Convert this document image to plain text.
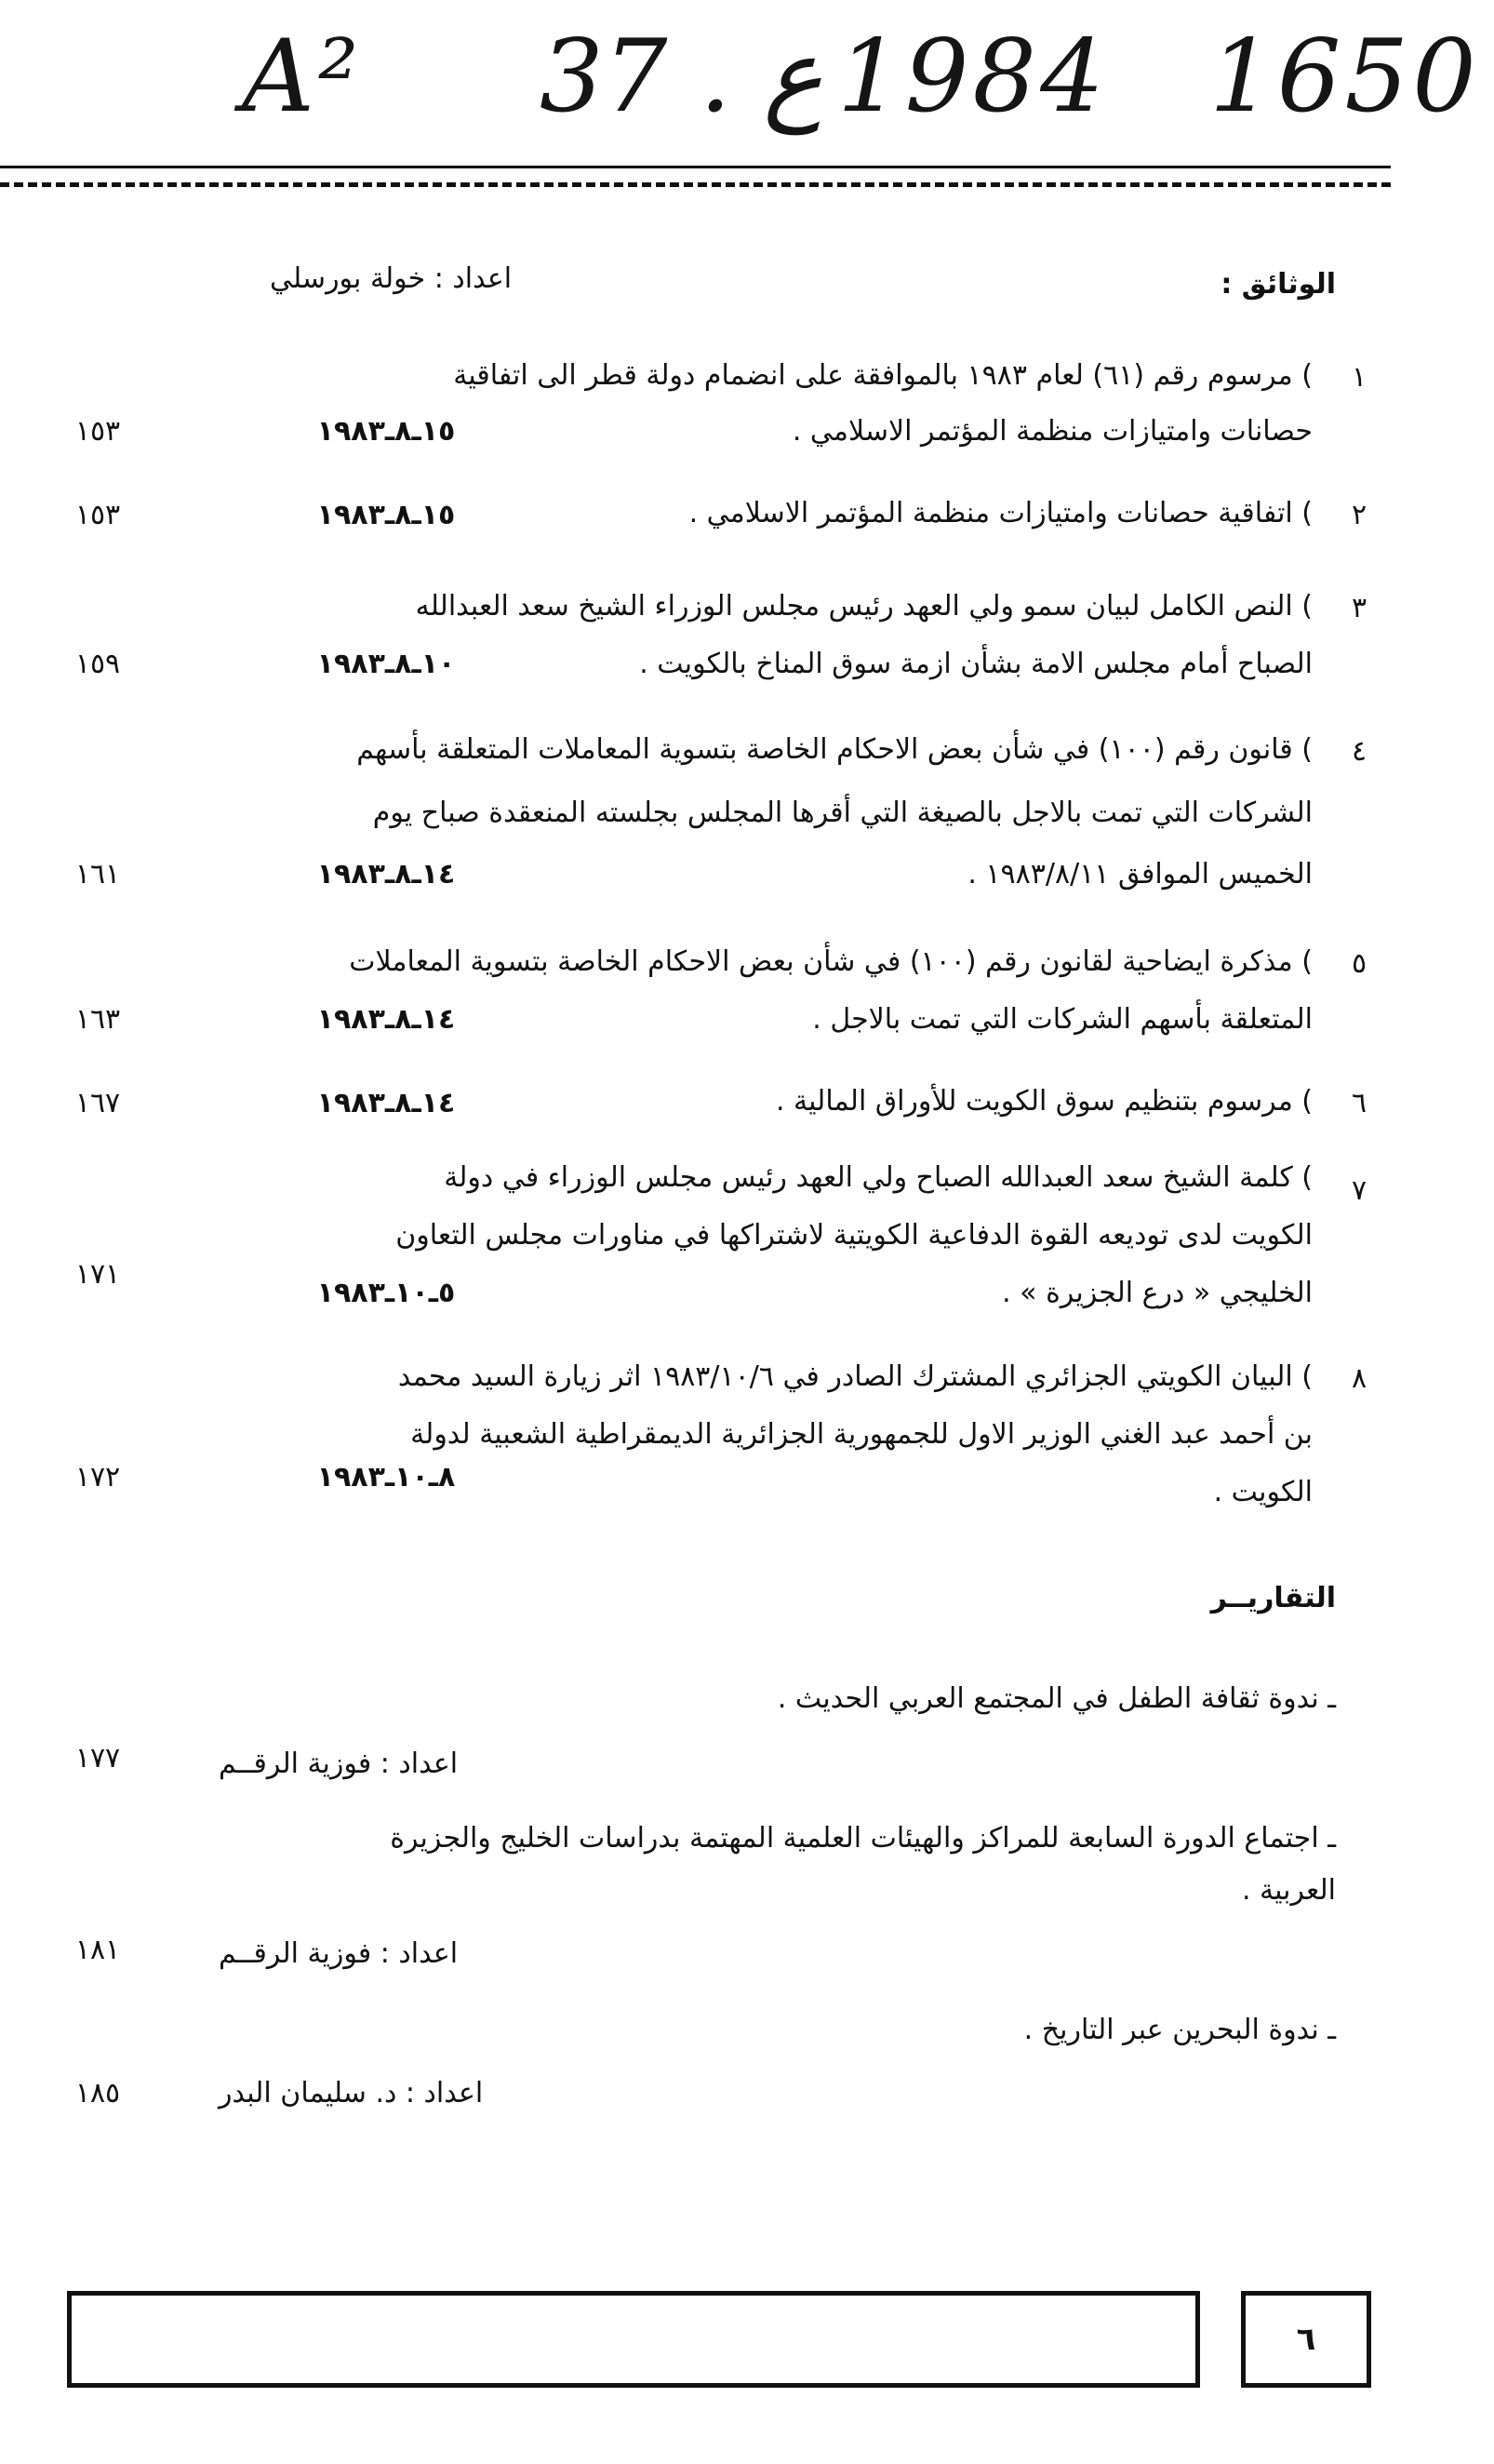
A² 37 . ع 1984 1650
الوثائق :
اعداد : خولة بورسلي
١
) مرسوم رقم (٦١) لعام ١٩٨٣ بالموافقة على انضمام دولة قطر الى اتفاقية
حصانات وامتيازات منظمة المؤتمر الاسلامي .
١٥ـ٨ـ١٩٨٣
١٥٣
٢
) اتفاقية حصانات وامتيازات منظمة المؤتمر الاسلامي .
١٥ـ٨ـ١٩٨٣
١٥٣
٣
) النص الكامل لبيان سمو ولي العهد رئيس مجلس الوزراء الشيخ سعد العبدالله
الصباح أمام مجلس الامة بشأن ازمة سوق المناخ بالكويت .
١٠ـ٨ـ١٩٨٣
١٥٩
٤
) قانون رقم (١٠٠) في شأن بعض الاحكام الخاصة بتسوية المعاملات المتعلقة بأسهم
الشركات التي تمت بالاجل بالصيغة التي أقرها المجلس بجلسته المنعقدة صباح يوم
الخميس الموافق ١٩٨٣/٨/١١ .
١٤ـ٨ـ١٩٨٣
١٦١
٥
) مذكرة ايضاحية لقانون رقم (١٠٠) في شأن بعض الاحكام الخاصة بتسوية المعاملات
المتعلقة بأسهم الشركات التي تمت بالاجل .
١٤ـ٨ـ١٩٨٣
١٦٣
٦
) مرسوم بتنظيم سوق الكويت للأوراق المالية .
١٤ـ٨ـ١٩٨٣
١٦٧
٧
) كلمة الشيخ سعد العبدالله الصباح ولي العهد رئيس مجلس الوزراء في دولة
الكويت لدى توديعه القوة الدفاعية الكويتية لاشتراكها في مناورات مجلس التعاون
الخليجي « درع الجزيرة » .
٥ـ١٠ـ١٩٨٣
١٧١
٨
) البيان الكويتي الجزائري المشترك الصادر في ١٩٨٣/١٠/٦ اثر زيارة السيد محمد
بن أحمد عبد الغني الوزير الاول للجمهورية الجزائرية الديمقراطية الشعبية لدولة
الكويت .
٨ـ١٠ـ١٩٨٣
١٧٢
التقاريــر
ـ ندوة ثقافة الطفل في المجتمع العربي الحديث .
اعداد : فوزية الرقــم
١٧٧
ـ اجتماع الدورة السابعة للمراكز والهيئات العلمية المهتمة بدراسات الخليج والجزيرة
العربية .
اعداد : فوزية الرقــم
١٨١
ـ ندوة البحرين عبر التاريخ .
اعداد : د. سليمان البدر
١٨٥
٦
